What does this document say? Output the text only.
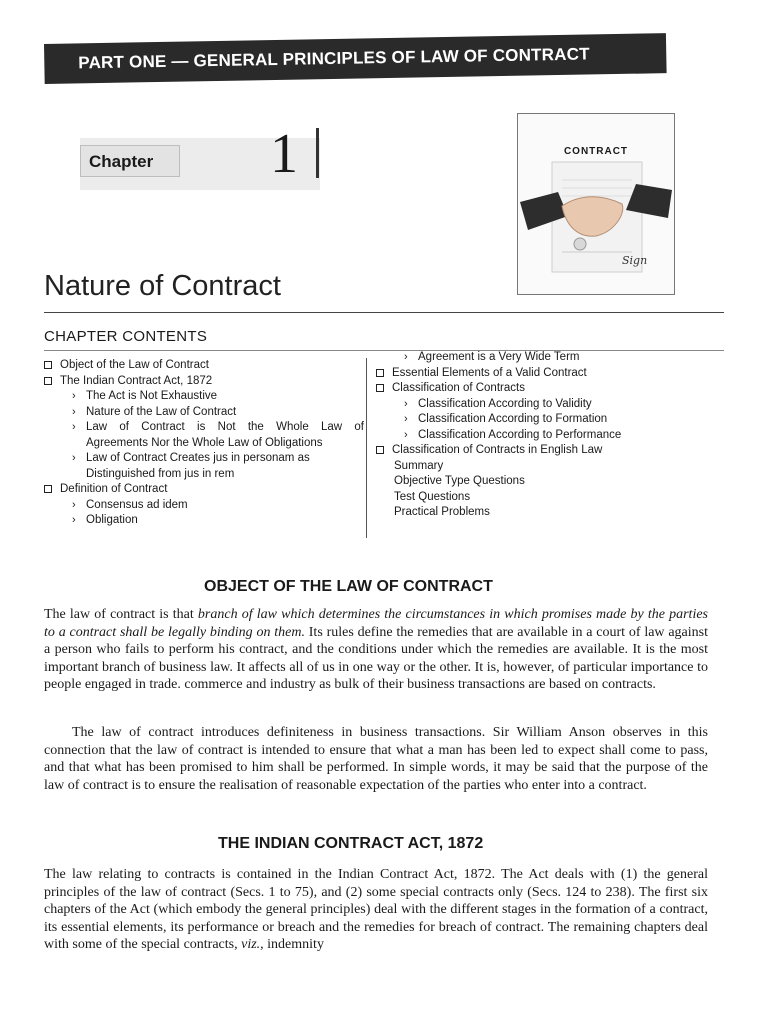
PART ONE — GENERAL PRINCIPLES OF LAW OF CONTRACT
Chapter	1	CONTRACT
Sign
Nature of Contract
CHAPTER CONTENTS
Object of the Law of Contract
The Indian Contract Act, 1872
› The Act is Not Exhaustive
› Nature of the Law of Contract
› Law of Contract is Not the Whole Law of
Agreements Nor the Whole Law of Obligations
› Law of Contract Creates jus in personam as
Distinguished from jus in rem
Definition of Contract
› Consensus ad idem
› Obligation
› Agreement is a Very Wide Term
Essential Elements of a Valid Contract
Classification of Contracts
› Classification According to Validity
› Classification According to Formation
› Classification According to Performance
Classification of Contracts in English Law
Summary
Objective Type Questions
Test Questions
Practical Problems
OBJECT OF THE LAW OF CONTRACT
The law of contract is that branch of law which determines the circumstances in which promises made by the parties to a contract shall be legally binding on them. Its rules define the remedies that are available in a court of law against a person who fails to perform his contract, and the conditions under which the remedies are available. It is the most important branch of business law. It affects all of us in one way or the other. It is, however, of particular importance to people engaged in trade. commerce and industry as bulk of their business transactions are based on contracts.
The law of contract introduces definiteness in business transactions. Sir William Anson observes in this connection that the law of contract is intended to ensure that what a man has been led to expect shall come to pass, and that what has been promised to him shall be performed. In simple words, it may be said that the purpose of the law of contract is to ensure the realisation of reasonable expectation of the parties who enter into a contract.
THE INDIAN CONTRACT ACT, 1872
The law relating to contracts is contained in the Indian Contract Act, 1872. The Act deals with (1) the general principles of the law of contract (Secs. 1 to 75), and (2) some special contracts only (Secs. 124 to 238). The first six chapters of the Act (which embody the general principles) deal with the different stages in the formation of a contract, its essential elements, its performance or breach and the remedies for breach of contract. The remaining chapters deal with some of the special contracts, viz., indemnity
